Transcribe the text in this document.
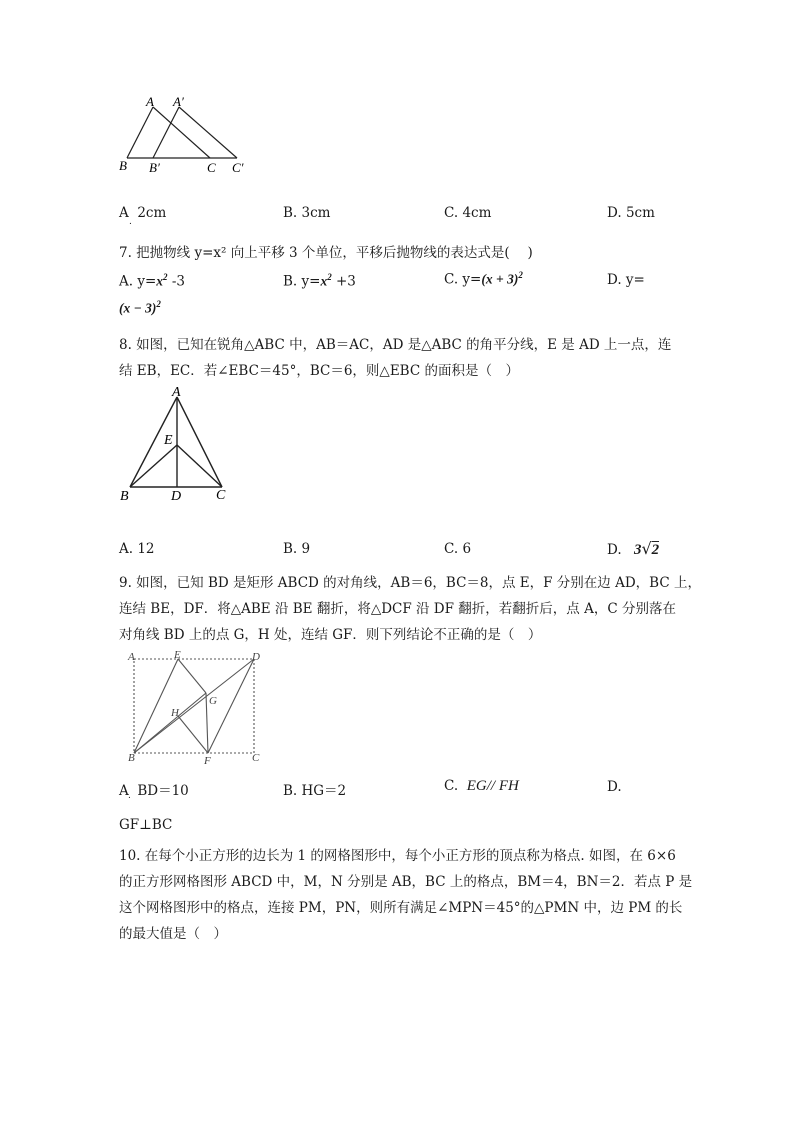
A A′
B B′	C C′
A
.
2cm	B. 3cm	C. 4cm	D. 5cm
7. 把抛物线 y=x² 向上平移 3 个单位，平移后抛物线的表达式是(　 )
A. $y=x^2$ -3	B. $y=x^2 +3$	C. $y=(x + 3)^2$	D. y=
$(x - 3)^2$
8. 如图，已知在锐角△ABC 中，AB＝AC，AD 是△ABC 的角平分线，E 是 AD 上一点，连
结 EB，EC．若∠EBC＝45°，BC＝6，则△EBC 的面积是（　）
A
E
B	D C
A. 12	B. 9	C. 6	D. 3√2
9. 如图，已知 BD 是矩形 ABCD 的对角线，AB＝6，BC＝8，点 E，F 分别在边 AD，BC 上，
连结 BE，DF．将△ABE 沿 BE 翻折，将△DCF 沿 DF 翻折，若翻折后，点 A，C 分别落在
对角线 BD 上的点 G，H 处，连结 GF．则下列结论不正确的是（　）
A	E	D
G
H
B	F	C
A . BD＝10	B. HG＝2	C. EG// FH	D.
GF⊥BC
10. 在每个小正方形的边长为 1 的网格图形中，每个小正方形的顶点称为格点. 如图，在 6×6
的正方形网格图形 ABCD 中，M，N 分别是 AB，BC 上的格点，BM＝4，BN＝2．若点 P 是
这个网格图形中的格点，连接 PM，PN，则所有满足∠MPN＝45°的△PMN 中，边 PM 的长
的最大值是（　）
